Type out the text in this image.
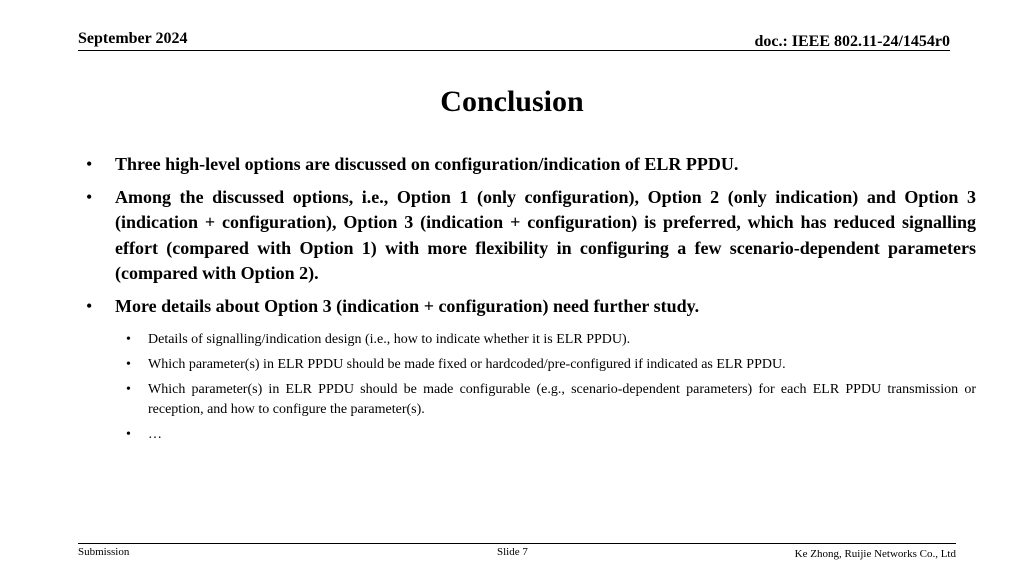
September 2024	doc.: IEEE 802.11-24/1454r0
Conclusion
• Three high-level options are discussed on configuration/indication of ELR PPDU.
• Among the discussed options, i.e., Option 1 (only configuration), Option 2 (only indication) and Option 3 (indication + configuration), Option 3 (indication + configuration) is preferred, which has reduced signalling effort (compared with Option 1) with more flexibility in configuring a few scenario-dependent parameters (compared with Option 2).
• More details about Option 3 (indication + configuration) need further study.
• Details of signalling/indication design (i.e., how to indicate whether it is ELR PPDU).
• Which parameter(s) in ELR PPDU should be made fixed or hardcoded/pre-configured if indicated as ELR PPDU.
• Which parameter(s) in ELR PPDU should be made configurable (e.g., scenario-dependent parameters) for each ELR PPDU transmission or reception, and how to configure the parameter(s).
• …
Submission	Slide 7	Ke Zhong, Ruijie Networks Co., Ltd
